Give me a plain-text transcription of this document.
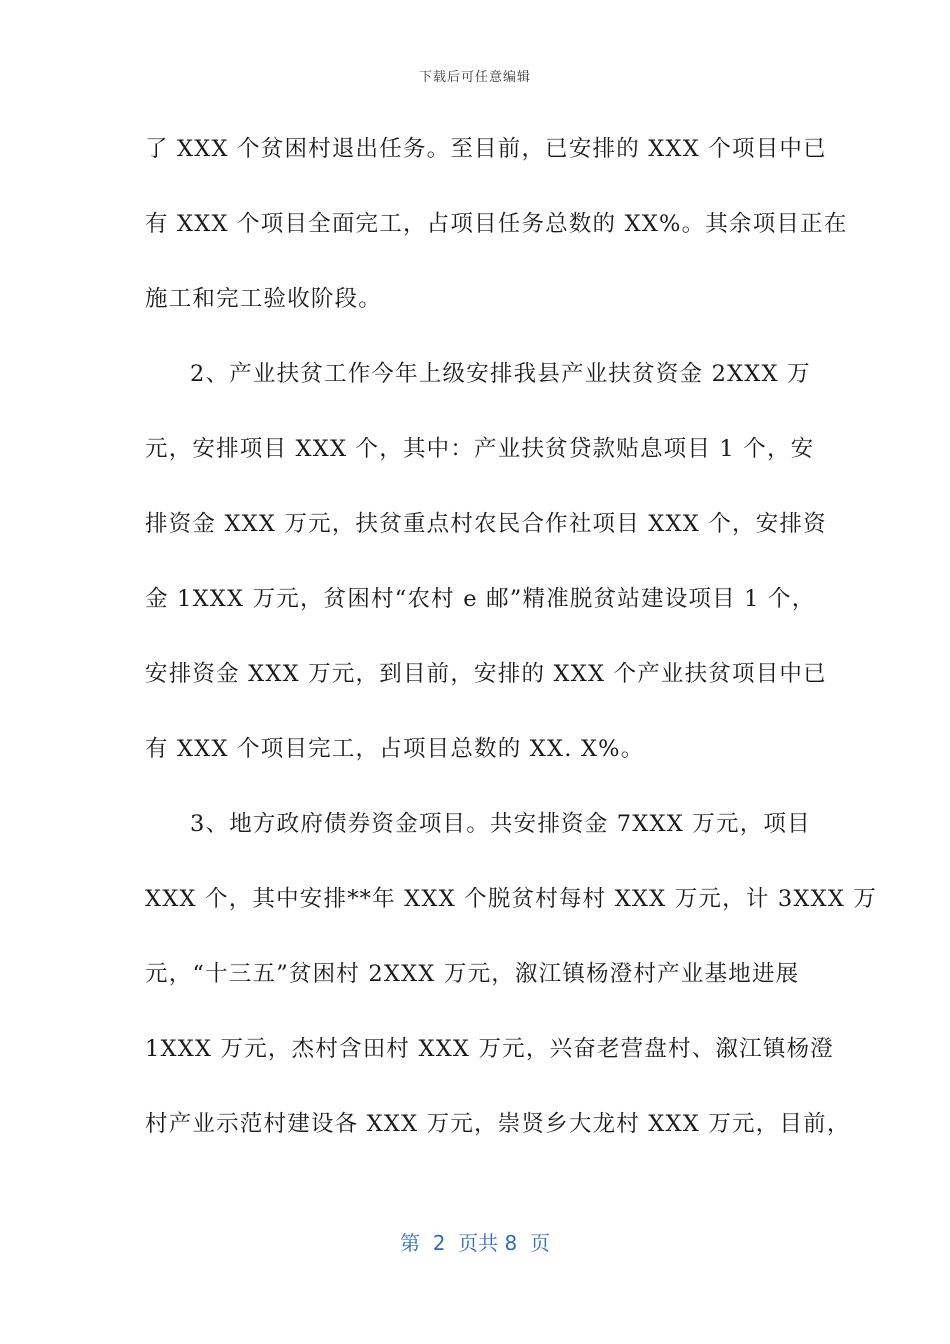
下载后可任意编辑
了 XXX 个贫困村退出任务。至目前，已安排的 XXX 个项目中已
有 XXX 个项目全面完工，占项目任务总数的 XX%。其余项目正在
施工和完工验收阶段。
2、产业扶贫工作今年上级安排我县产业扶贫资金 2XXX 万
元，安排项目 XXX 个，其中：产业扶贫贷款贴息项目 1 个，安
排资金 XXX 万元，扶贫重点村农民合作社项目 XXX 个，安排资
金 1XXX 万元，贫困村“农村 e 邮”精准脱贫站建设项目 1 个，
安排资金 XXX 万元，到目前，安排的 XXX 个产业扶贫项目中已
有 XXX 个项目完工，占项目总数的 XX. X%。
3、地方政府债券资金项目。共安排资金 7XXX 万元，项目
XXX 个，其中安排**年 XXX 个脱贫村每村 XXX 万元，计 3XXX 万
元，“十三五”贫困村 2XXX 万元，溆江镇杨澄村产业基地进展
1XXX 万元，杰村含田村 XXX 万元，兴奋老营盘村、溆江镇杨澄
村产业示范村建设各 XXX 万元，崇贤乡大龙村 XXX 万元，目前，
第  2  页共 8  页
